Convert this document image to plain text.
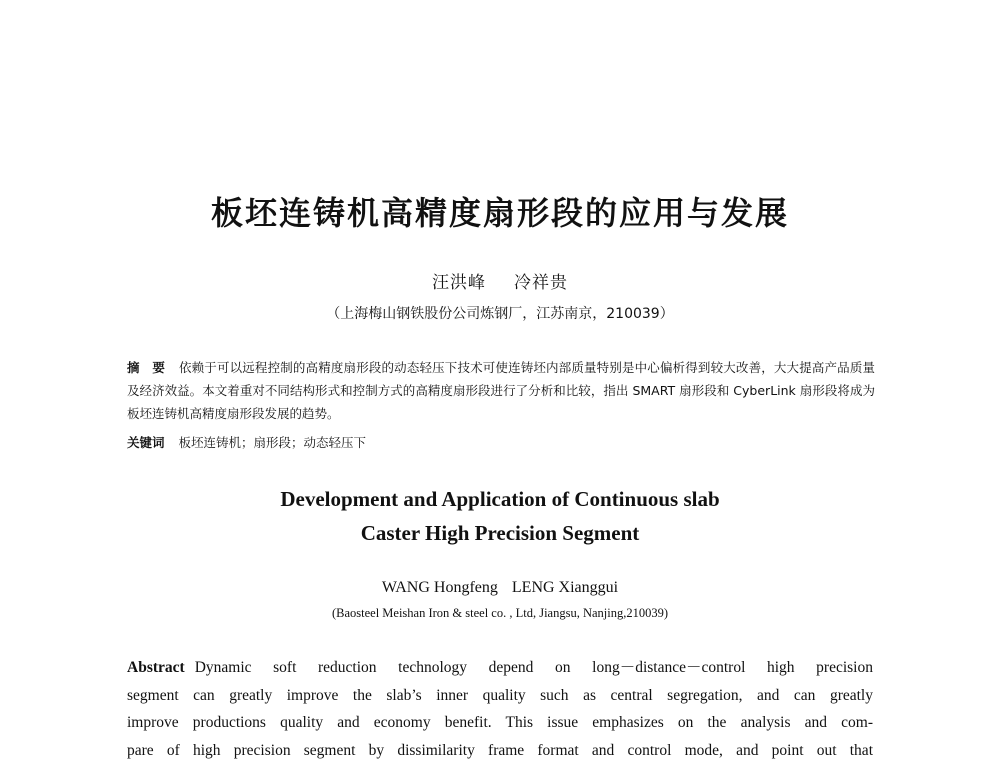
板坯连铸机高精度扇形段的应用与发展
汪洪峰 冷祥贵
（上海梅山钢铁股份公司炼钢厂，江苏南京，210039）
摘　要 依赖于可以远程控制的高精度扇形段的动态轻压下技术可使连铸坯内部质量特别是中心偏析得到较大改善，大大提高产品质量及经济效益。本文着重对不同结构形式和控制方式的高精度扇形段进行了分析和比较，指出 SMART 扇形段和 CyberLink 扇形段将成为板坯连铸机高精度扇形段发展的趋势。
关键词 板坯连铸机；扇形段；动态轻压下
Development and Application of Continuous slab
Caster High Precision Segment
WANG Hongfeng LENG Xianggui
(Baosteel Meishan Iron & steel co. , Ltd, Jiangsu, Nanjing,210039)
Abstract Dynamic soft reduction technology depend on long－distance－control high precision
segment can greatly improve the slab’s inner quality such as central segregation, and can greatly
improve productions quality and economy benefit. This issue emphasizes on the analysis and com-
pare of high precision segment by dissimilarity frame format and control mode, and point out that
